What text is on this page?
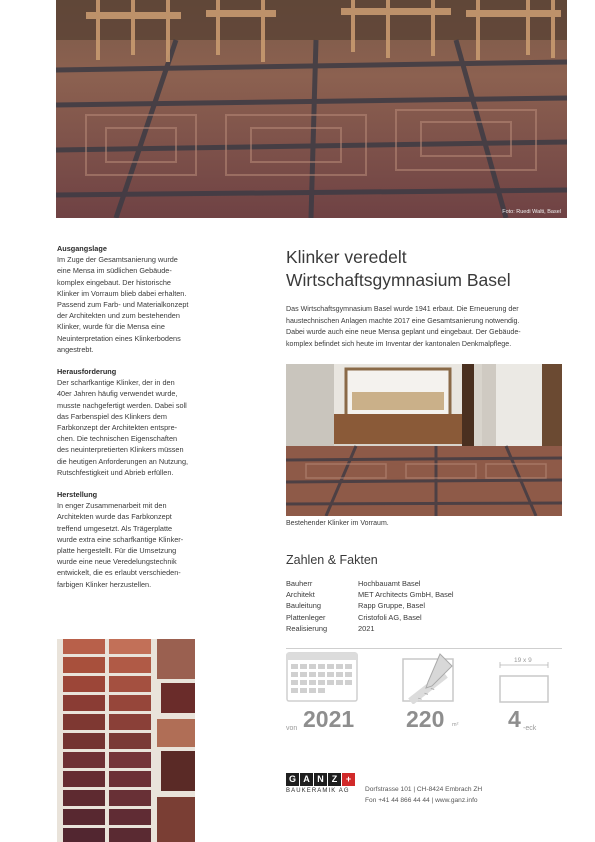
Foto: Ruedi Walti, Basel
Ausgangslage

Im Zuge der Gesamtsanierung wurde
eine Mensa im südlichen Gebäude-
komplex eingebaut. Der historische
Klinker im Vorraum blieb dabei erhalten.
Passend zum Farb- und Materialkonzept
der Architekten und zum bestehenden
Klinker, wurde für die Mensa eine
Neuinterpretation eines Klinkerbodens
angestrebt.

Herausforderung

Der scharfkantige Klinker, der in den
40er Jahren häufig verwendet wurde,
musste nachgefertigt werden. Dabei soll
das Farbenspiel des Klinkers dem
Farbkonzept der Architekten entspre-
chen. Die technischen Eigenschaften
des neuinterpretierten Klinkers müssen
die heutigen Anforderungen an Nutzung,
Rutschfestigkeit und Abrieb erfüllen.

Herstellung

In enger Zusammenarbeit mit den
Architekten wurde das Farbkonzept
treffend umgesetzt. Als Trägerplatte
wurde extra eine scharfkantige Klinker-
platte hergestellt. Für die Umsetzung
wurde eine neue Veredelungstechnik
entwickelt, die es erlaubt verschieden-
farbigen Klinker herzustellen.

Klinker veredelt
Wirtschaftsgymnasium Basel

Das Wirtschaftsgymnasium Basel wurde 1941 erbaut. Die Erneuerung der
haustechnischen Anlagen machte 2017 eine Gesamtsanierung notwendig.
Dabei wurde auch eine neue Mensa geplant und eingebaut. Der Gebäude-
komplex befindet sich heute im Inventar der kantonalen Denkmalpflege.

Bestehender Klinker im Vorraum.
Zahlen & Fakten
Bauherr	Hochbauamt Basel
Architekt	MET Architects GmbH, Basel
Bauleitung	Rapp Gruppe, Basel
Plattenleger	Cristofoli AG, Basel
Realisierung	2021
19 x 9
von 2021 220 m² 4 -eck
G A N Z +
BAUKERAMIK AG	Dorfstrasse 101 | CH-8424 Embrach ZH
Fon +41 44 866 44 44 | www.ganz.info
